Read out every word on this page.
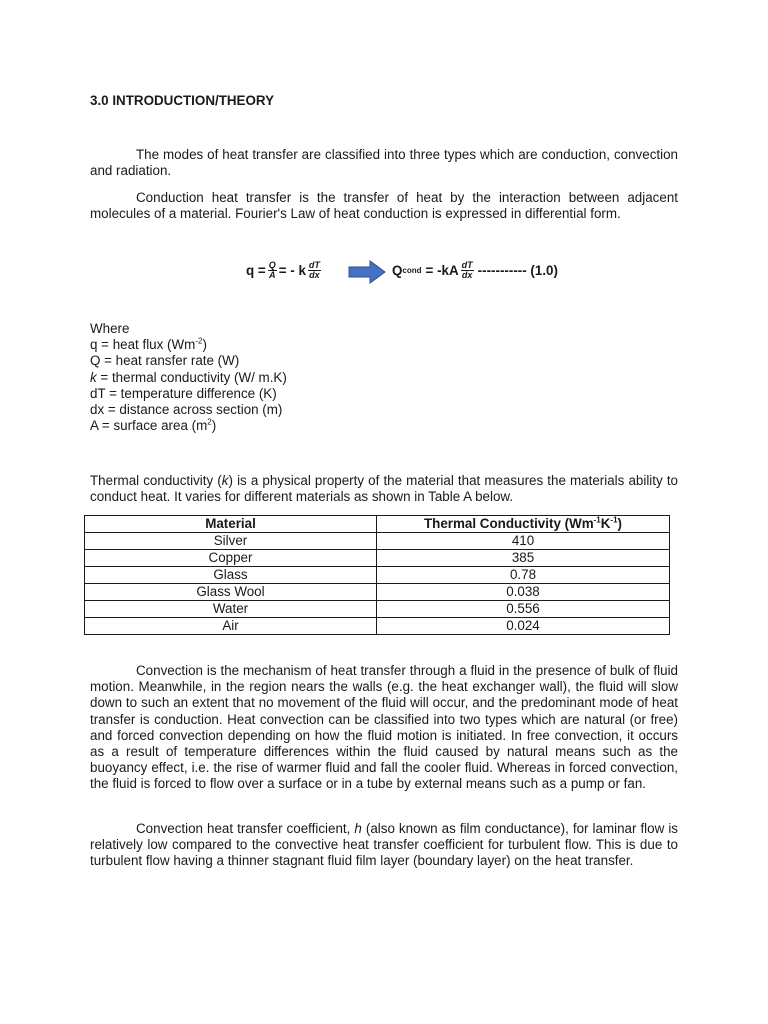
3.0 INTRODUCTION/THEORY

The modes of heat transfer are classified into three types which are conduction, convection and radiation.

Conduction heat transfer is the transfer of heat by the interaction between adjacent molecules of a material. Fourier's Law of heat conduction is expressed in differential form.

$q = \frac{Q}{A}$ = - k $\frac{dT}{dx}$	Q cond = $-kA \frac{dT}{dx}$ ----------- (1.0)
Where
q = heat flux $(Wm^{-2})$
Q = heat ransfer rate (W)
k = thermal conductivity (W/ m.K)
dT = temperature difference (K)
dx = distance across section (m)
A = surface area $(m^2)$

Thermal conductivity (k) is a physical property of the material that measures the materials ability to conduct heat. It varies for different materials as shown in Table A below.

Material	Thermal Conductivity $(Wm^{-1}K^{-1})$
Silver	410
Copper	385
Glass	0.78
Glass Wool	0.038
Water	0.556
Air	0.024

Convection is the mechanism of heat transfer through a fluid in the presence of bulk of fluid motion. Meanwhile, in the region nears the walls (e.g. the heat exchanger wall), the fluid will slow down to such an extent that no movement of the fluid will occur, and the predominant mode of heat transfer is conduction. Heat convection can be classified into two types which are natural (or free) and forced convection depending on how the fluid motion is initiated. In free convection, it occurs as a result of temperature differences within the fluid caused by natural means such as the buoyancy effect, i.e. the rise of warmer fluid and fall the cooler fluid. Whereas in forced convection, the fluid is forced to flow over a surface or in a tube by external means such as a pump or fan.

Convection heat transfer coefficient, h (also known as film conductance), for laminar flow is relatively low compared to the convective heat transfer coefficient for turbulent flow. This is due to turbulent flow having a thinner stagnant fluid film layer (boundary layer) on the heat transfer.
